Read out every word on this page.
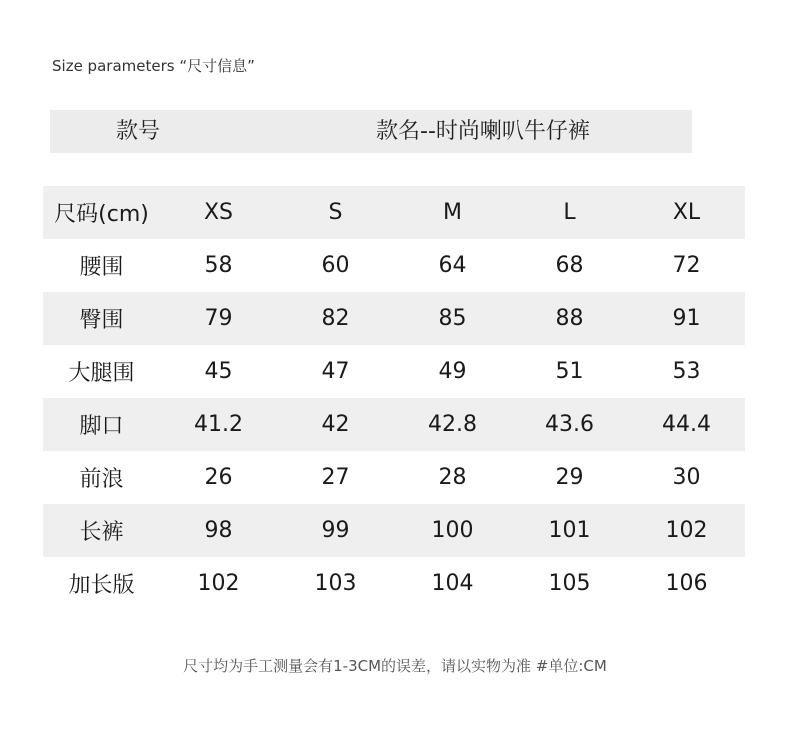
Size parameters “尺寸信息”
款号	款名--时尚喇叭牛仔裤
尺码(cm)	XS	S	M	L	XL
腰围	58	60	64	68	72
臀围	79	82	85	88	91
大腿围	45	47	49	51	53
脚口	41.2	42	42.8	43.6	44.4
前浪	26	27	28	29	30
长裤	98	99	100	101	102
加长版	102	103	104	105	106
尺寸均为手工测量会有1-3CM的误差，请以实物为准 #单位:CM
